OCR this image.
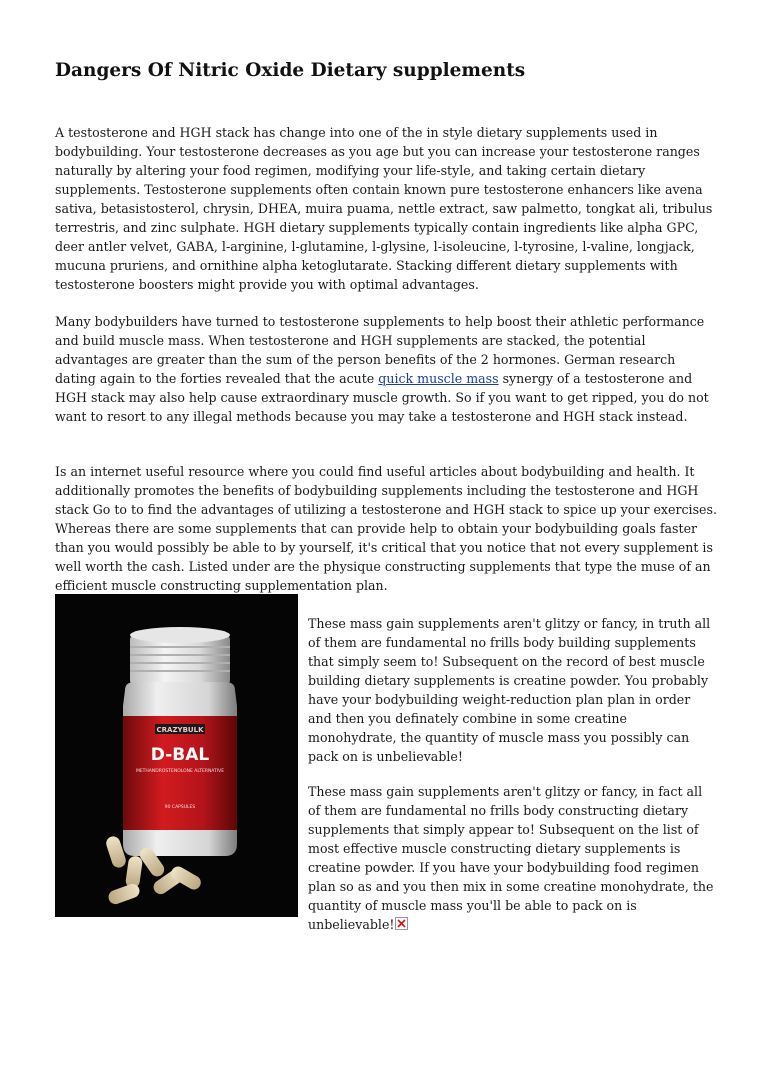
Dangers Of Nitric Oxide Dietary supplements

A testosterone and HGH stack has change into one of the in style dietary supplements used in bodybuilding. Your testosterone decreases as you age but you can increase your testosterone ranges naturally by altering your food regimen, modifying your life-style, and taking certain dietary supplements. Testosterone supplements often contain known pure testosterone enhancers like avena sativa, betasistosterol, chrysin, DHEA, muira puama, nettle extract, saw palmetto, tongkat ali, tribulus terrestris, and zinc sulphate. HGH dietary supplements typically contain ingredients like alpha GPC, deer antler velvet, GABA, l-arginine, l-glutamine, l-glysine, l-isoleucine, l-tyrosine, l-valine, longjack, mucuna pruriens, and ornithine alpha ketoglutarate. Stacking different dietary supplements with testosterone boosters might provide you with optimal advantages.

Many bodybuilders have turned to testosterone supplements to help boost their athletic performance and build muscle mass. When testosterone and HGH supplements are stacked, the potential advantages are greater than the sum of the person benefits of the 2 hormones. German research dating again to the forties revealed that the acute quick muscle mass synergy of a testosterone and HGH stack may also help cause extraordinary muscle growth. So if you want to get ripped, you do not want to resort to any illegal methods because you may take a testosterone and HGH stack instead.

Is an internet useful resource where you could find useful articles about bodybuilding and health. It additionally promotes the benefits of bodybuilding supplements including the testosterone and HGH stack Go to to find the advantages of utilizing a testosterone and HGH stack to spice up your exercises. Whereas there are some supplements that can provide help to obtain your bodybuilding goals faster than you would possibly be able to by yourself, it's critical that you notice that not every supplement is well worth the cash. Listed under are the physique constructing supplements that type the muse of an efficient muscle constructing supplementation plan.

CRAZYBULK
D-BAL
METHANDROSTENOLONE ALTERNATIVE
90 CAPSULES

These mass gain supplements aren't glitzy or fancy, in truth all of them are fundamental no frills body building supplements that simply seem to! Subsequent on the record of best muscle building dietary supplements is creatine powder. You probably have your bodybuilding weight-reduction plan plan in order and then you definately combine in some creatine monohydrate, the quantity of muscle mass you possibly can pack on is unbelievable!

These mass gain supplements aren't glitzy or fancy, in fact all of them are fundamental no frills body constructing dietary supplements that simply appear to! Subsequent on the list of most effective muscle constructing dietary supplements is creatine powder. If you have your bodybuilding food regimen plan so as and you then mix in some creatine monohydrate, the quantity of muscle mass you'll be able to pack on is unbelievable!
